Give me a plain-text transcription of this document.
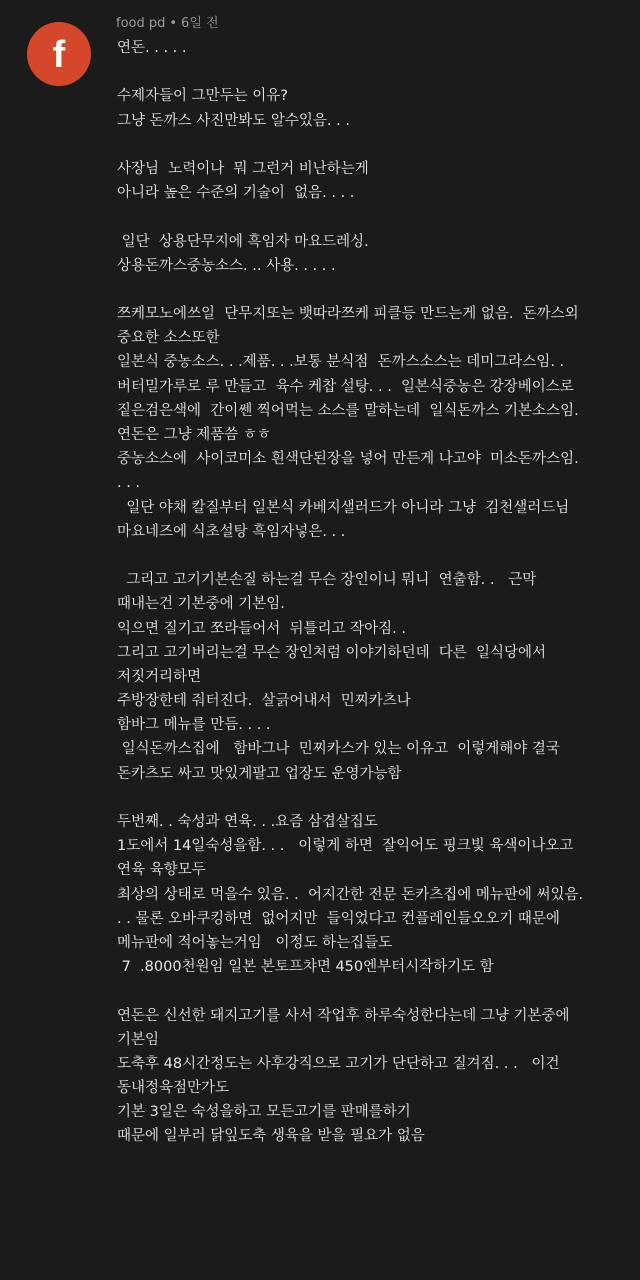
f
food pd • 6일 전
연돈. . . . .
수제자들이 그만두는 이유?
그냥 돈까스 사진만봐도 알수있음. . .
사장님  노력이나  뭐 그런거 비난하는게
아니라 높은 수준의 기술이  없음. . . .
일단  상용단무지에 흑임자 마요드레싱.
상용돈까스중농소스. .. 사용. . . . .
쯔케모노에쓰일  단무지또는 뱃따라쯔케 피클등 만드는게 없음.  돈까스외
중요한 소스또한
일본식 중농소스. . .제품. . .보통 분식점  돈까스소스는 데미그라스임. .
버터밀가루로 루 만들고  육수 케찹 설탕. . .  일본식중농은 강장베이스로
짙은검은색에  간이쎈 찍어먹는 소스를 말하는데  일식돈까스 기본소스임.
연돈은 그냥 제품씀 ㅎㅎ
중농소스에  사이코미소 흰색단된장을 넣어 만든게 나고야  미소돈까스임.
. . .
일단 야채 칼질부터 일본식 카베지샐러드가 아니라 그냥  김천샐러드님
마요네즈에 식초설탕 흑임자넣은. . .
그리고 고기기본손질 하는걸 무슨 장인이니 뭐니  연출함. .   근막
때내는건 기본중에 기본임.
익으면 질기고 쪼라들어서  뒤틀리고 작아짐. .
그리고 고기버리는걸 무슨 장인처럼 이야기하던데  다른  일식당에서
저짓거리하면
주방장한테 줘터진다.  살긁어내서  민찌카츠나
함바그 메뉴를 만듬. . . .
일식돈까스집에   함바그나  민찌카스가 있는 이유고  이렇게해야 결국
돈카츠도 싸고 맛있게팔고 업장도 운영가능함
두번째. . 숙성과 연육. . .요즘 삼겹살집도
1도에서 14일숙성을함. . .   이렇게 하면  잘익어도 핑크빛 육색이나오고
연육 육향모두
최상의 상태로 먹을수 있음. .  어지간한 전문 돈카츠집에 메뉴판에 써있음.
. . 물론 오바쿠킹하면  없어지만  들익었다고 컨플레인들오오기 때문에
메뉴판에 적어놓는거임   이정도 하는집들도
7  .8000천원임 일본 본토프챠면 450엔부터시작하기도 함
연돈은 신선한 돼지고기를 사서 작업후 하루숙성한다는데 그냥 기본중에
기본임
도축후 48시간정도는 사후강직으로 고기가 단단하고 질겨짐. . .   이건
동내정육점만가도
기본 3일은 숙성을하고 모든고기를 판매를하기
때문에 일부러 닭잎도축 생육을 받을 필요가 없음
